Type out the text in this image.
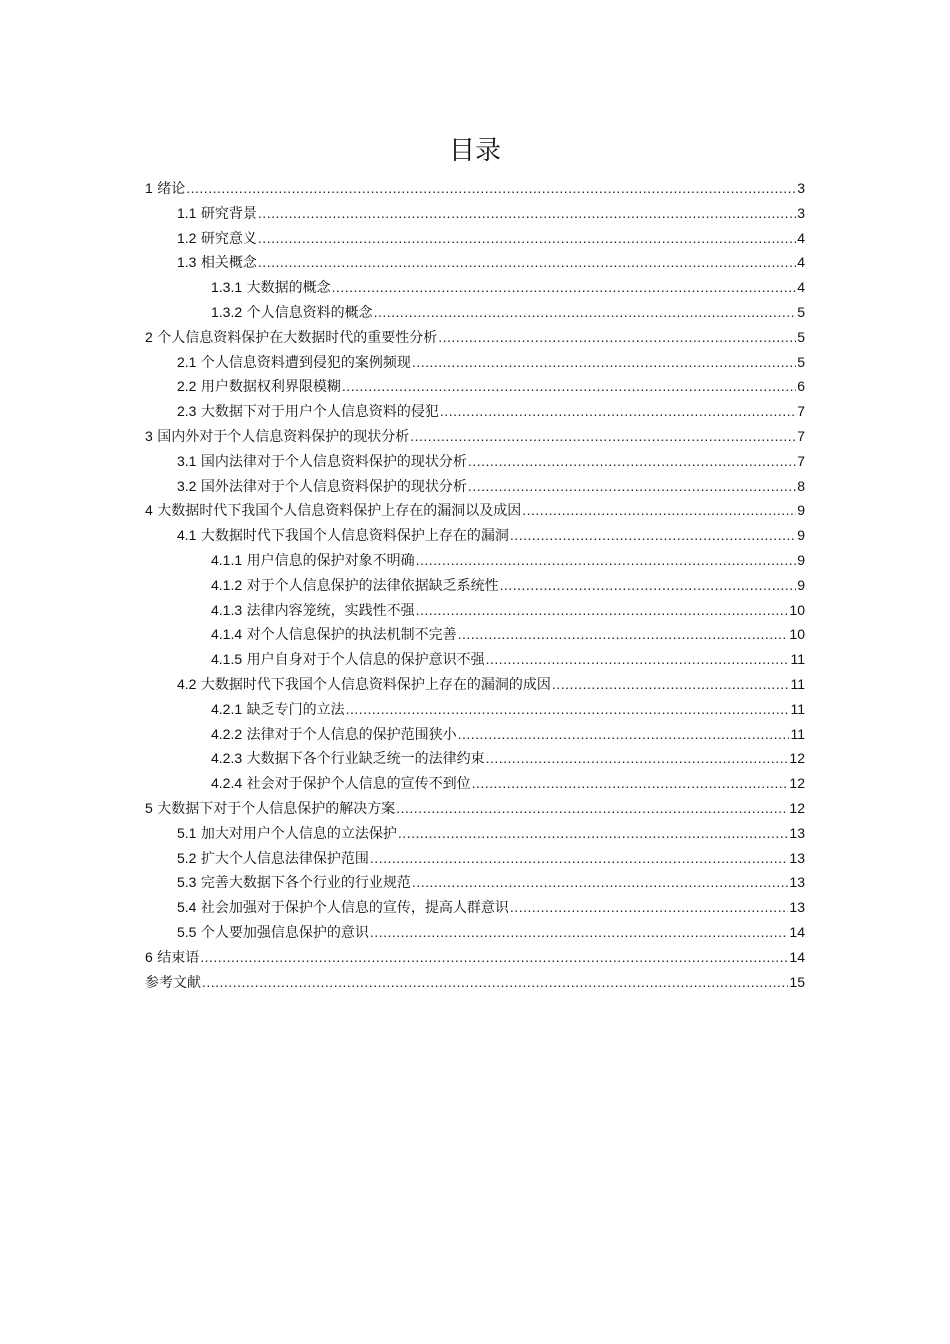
目录
1 绪论 .....	3
1.1 研究背景 .....	3
1.2 研究意义 .....	4
1.3 相关概念 .....	4
1.3.1 大数据的概念 .....	4
1.3.2 个人信息资料的概念 .....	5
2 个人信息资料保护在大数据时代的重要性分析 .....	5
2.1 个人信息资料遭到侵犯的案例频现 .....	5
2.2 用户数据权利界限模糊 .....	6
2.3 大数据下对于用户个人信息资料的侵犯 .....	7
3 国内外对于个人信息资料保护的现状分析 .....	7
3.1 国内法律对于个人信息资料保护的现状分析 .....	7
3.2 国外法律对于个人信息资料保护的现状分析 .....	8
4 大数据时代下我国个人信息资料保护上存在的漏洞以及成因 .....	9
4.1 大数据时代下我国个人信息资料保护上存在的漏洞 .....	9
4.1.1 用户信息的保护对象不明确 .....	9
4.1.2 对于个人信息保护的法律依据缺乏系统性 .....	9
4.1.3 法律内容笼统，实践性不强 .....	10
4.1.4 对个人信息保护的执法机制不完善 .....	10
4.1.5 用户自身对于个人信息的保护意识不强 .....	11
4.2 大数据时代下我国个人信息资料保护上存在的漏洞的成因 .....	11
4.2.1 缺乏专门的立法 .....	11
4.2.2 法律对于个人信息的保护范围狭小 .....	11
4.2.3 大数据下各个行业缺乏统一的法律约束 .....	12
4.2.4 社会对于保护个人信息的宣传不到位 .....	12
5 大数据下对于个人信息保护的解决方案 .....	12
5.1 加大对用户个人信息的立法保护 .....	13
5.2 扩大个人信息法律保护范围 .....	13
5.3 完善大数据下各个行业的行业规范 .....	13
5.4 社会加强对于保护个人信息的宣传，提高人群意识 .....	13
5.5 个人要加强信息保护的意识 .....	14
6 结束语 .....	14
参考文献 .....	15
